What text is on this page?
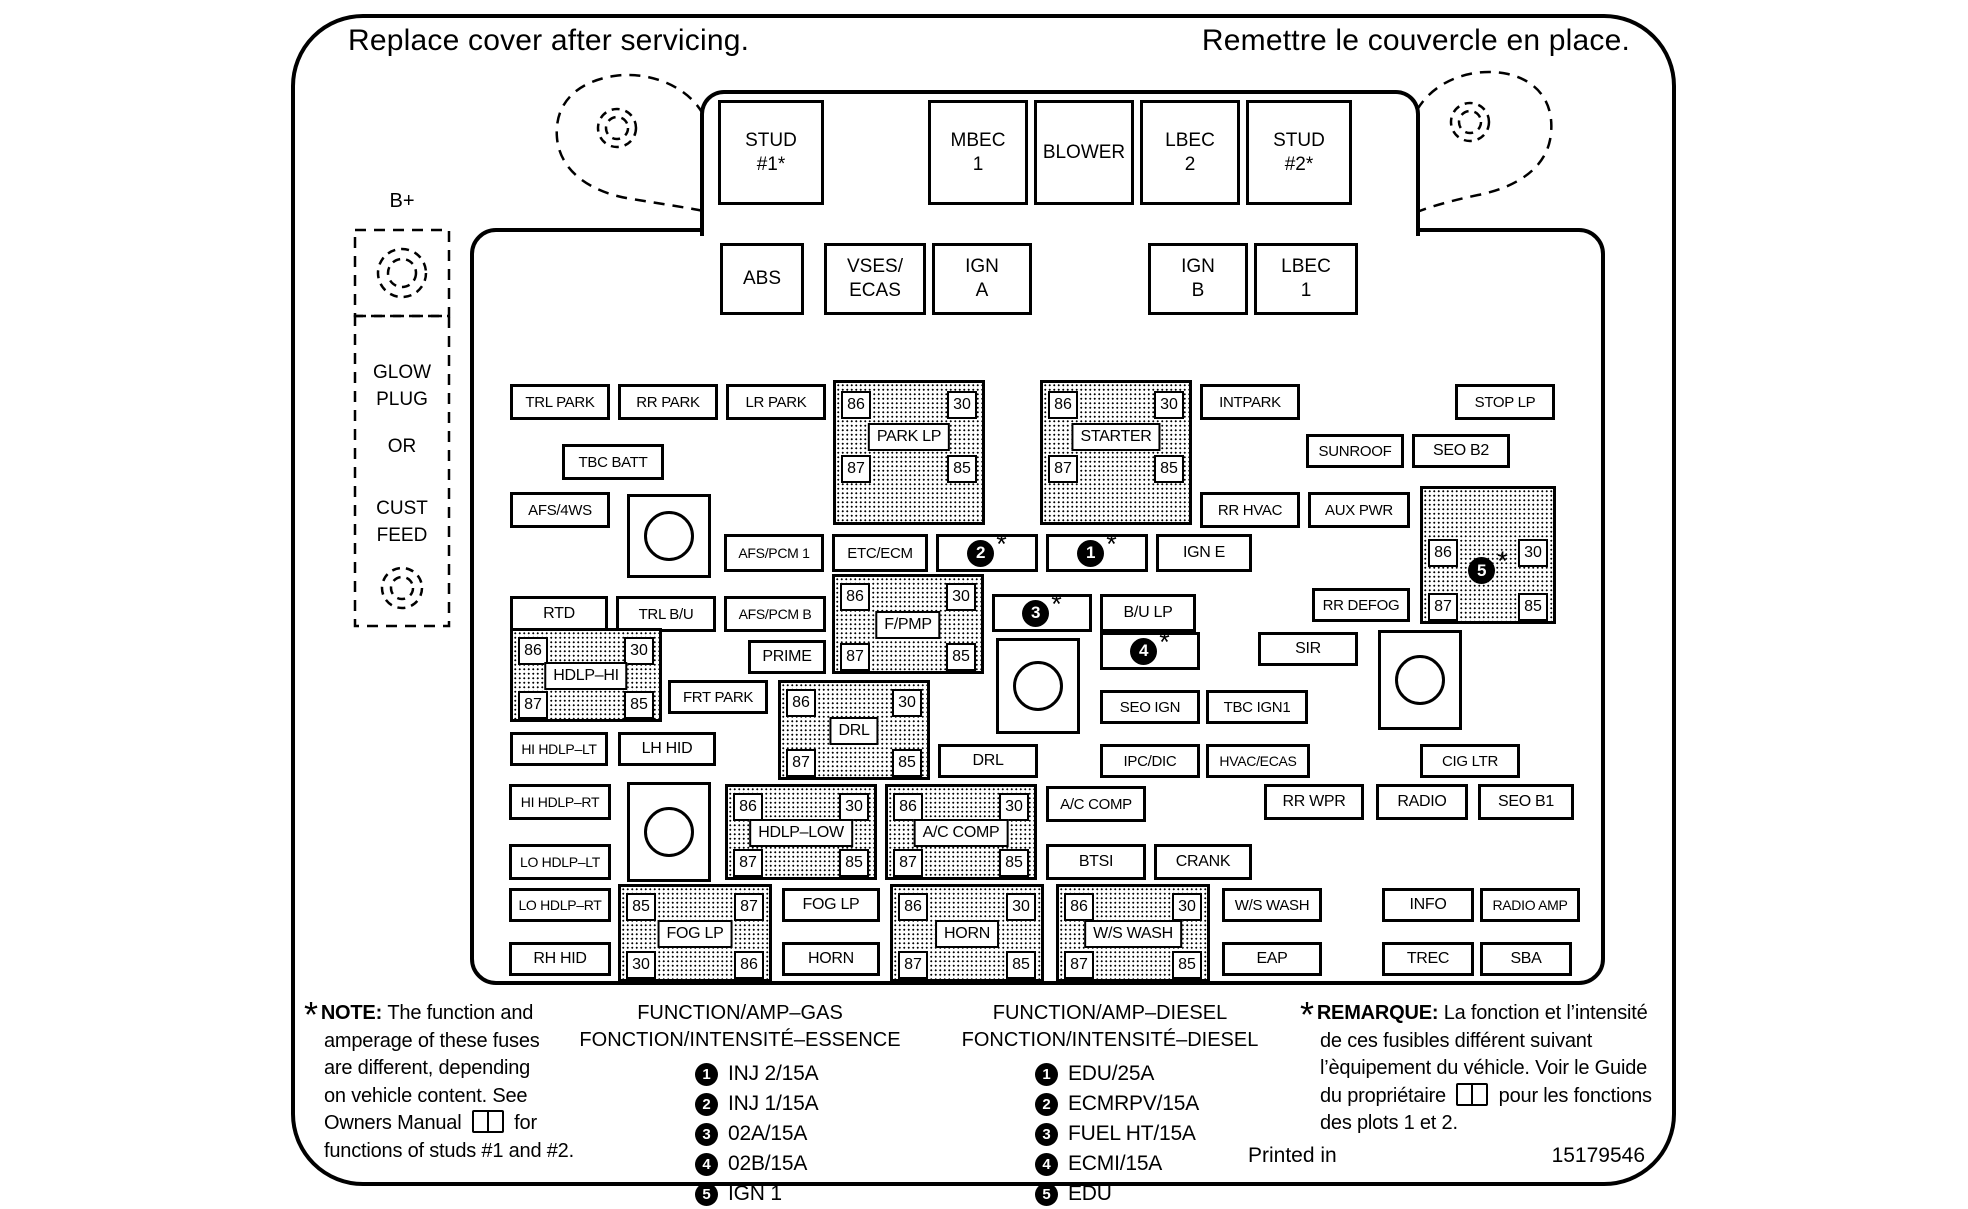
Replace cover after servicing.	Remettre le couvercle en place.
B+
GLOW
PLUG
OR
CUST
FEED
STUD
#1*
MBEC
1
BLOWER
LBEC
2
STUD
#2*
ABS
VSES/
ECAS
IGN
A
IGN
B
LBEC
1
TRL PARK	RR PARK	LR PARK	INTPARK	STOP LP
TBC BATT
SUNROOF	SEO B2
AFS/4WS	RR HVAC	AUX PWR
AFS/PCM 1	ETC/ECM	2 *	1 *	IGN E
RTD	TRL B/U	AFS/PCM B	3 *	B/U LP	RR DEFOG
PRIME
FRT PARK
4 *	SIR
SEO IGN	TBC IGN1
HI HDLP–LT	LH HID
DRL	IPC/DIC	HVAC/ECAS	CIG LTR
HI HDLP–RT
LO HDLP–LT
A/C COMP
BTSI	CRANK
RR WPR	RADIO	SEO B1
LO HDLP–RT	FOG LP	W/S WASH	INFO	RADIO AMP
RH HID	HORN	EAP	TREC	SBA
86	30
87	85
PARK LP
86	30
87	85
STARTER
86	30
87	85
F/PMP
86	30
87	85
HDLP–HI
86	30
87	85
DRL
86	30
87	85
HDLP–LOW
86	30
87	85
A/C COMP
85	87
30	86
FOG LP
86	30
87	85
HORN
86	30
87	85
W/S WASH
86	30
87	85
5 *
* NOTE: The function and
amperage of these fuses
are different, depending
on vehicle content. See
Owners Manual  for
functions of studs #1 and #2.
FUNCTION/AMP–GAS
FONCTION/INTENSITÉ–ESSENCE
1 INJ 2/15A
2 INJ 1/15A
3 02A/15A
4 02B/15A
5 IGN 1
FUNCTION/AMP–DIESEL
FONCTION/INTENSITÉ–DIESEL
1 EDU/25A
2 ECMRPV/15A
3 FUEL HT/15A
4 ECMI/15A
5 EDU
* REMARQUE: La fonction et l’intensité
de ces fusibles différent suivant
l’èquipement du véhicle. Voir le Guide
du propriétaire  pour les fonctions
des plots 1 et 2.
Printed in	15179546
